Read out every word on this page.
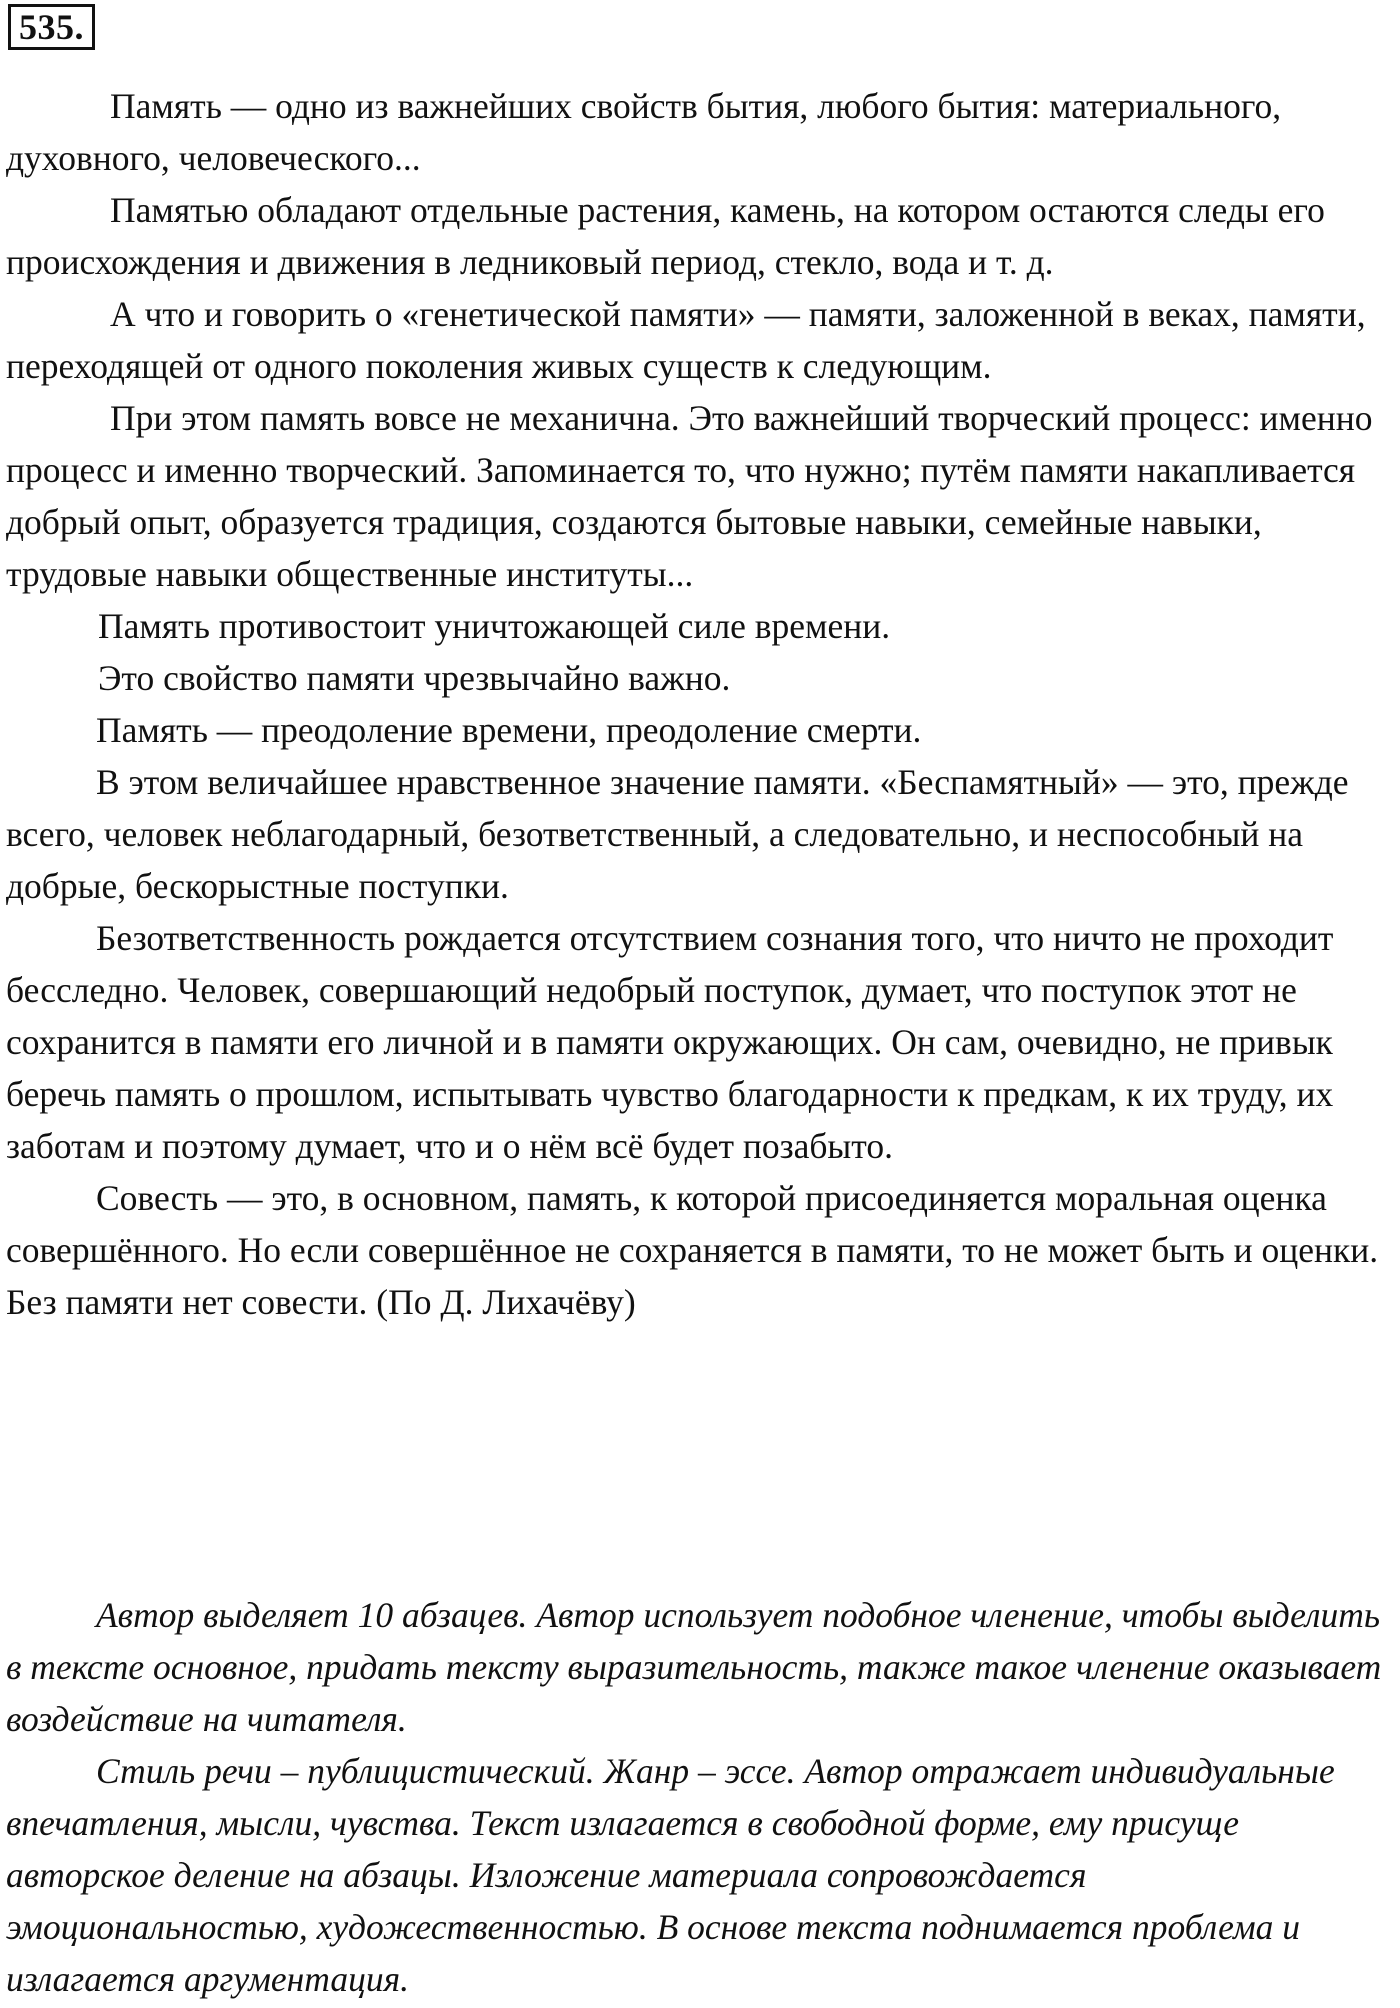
535.

Память — одно из важнейших свойств бытия, любого бытия: материального, духовного, человеческого...

Памятью обладают отдельные растения, камень, на котором остаются следы его происхождения и движения в ледниковый период, стекло, вода и т. д.

А что и говорить о «генетической памяти» — памяти, заложенной в веках, памяти, переходящей от одного поколения живых существ к следующим.

При этом память вовсе не механична. Это важнейший творческий процесс: именно процесс и именно творческий. Запоминается то, что нужно; путём памяти накапливается добрый опыт, образуется традиция, создаются бытовые навыки, семейные навыки, трудовые навыки общественные институты...

Память противостоит уничтожающей силе времени.

Это свойство памяти чрезвычайно важно.

Память — преодоление времени, преодоление смерти.

В этом величайшее нравственное значение памяти. «Беспамятный» — это, прежде всего, человек неблагодарный, безответственный, а следовательно, и неспособный на добрые, бескорыстные поступки.

Безответственность рождается отсутствием сознания того, что ничто не проходит бесследно. Человек, совершающий недобрый поступок, думает, что поступок этот не сохранится в памяти его личной и в памяти окружающих. Он сам, очевидно, не привык беречь память о прошлом, испытывать чувство благодарности к предкам, к их труду, их заботам и поэтому думает, что и о нём всё будет позабыто.

Совесть — это, в основном, память, к которой присоединяется моральная оценка совершённого. Но если совершённое не сохраняется в памяти, то не может быть и оценки. Без памяти нет совести. (По Д. Лихачёву)

Автор выделяет 10 абзацев. Автор использует подобное членение, чтобы выделить в тексте основное, придать тексту выразительность, также такое членение оказывает воздействие на читателя.

Стиль речи – публицистический. Жанр – эссе. Автор отражает индивидуальные впечатления, мысли, чувства. Текст излагается в свободной форме, ему присуще авторское деление на абзацы. Изложение материала сопровождается эмоциональностью, художественностью. В основе текста поднимается проблема и излагается аргументация.
